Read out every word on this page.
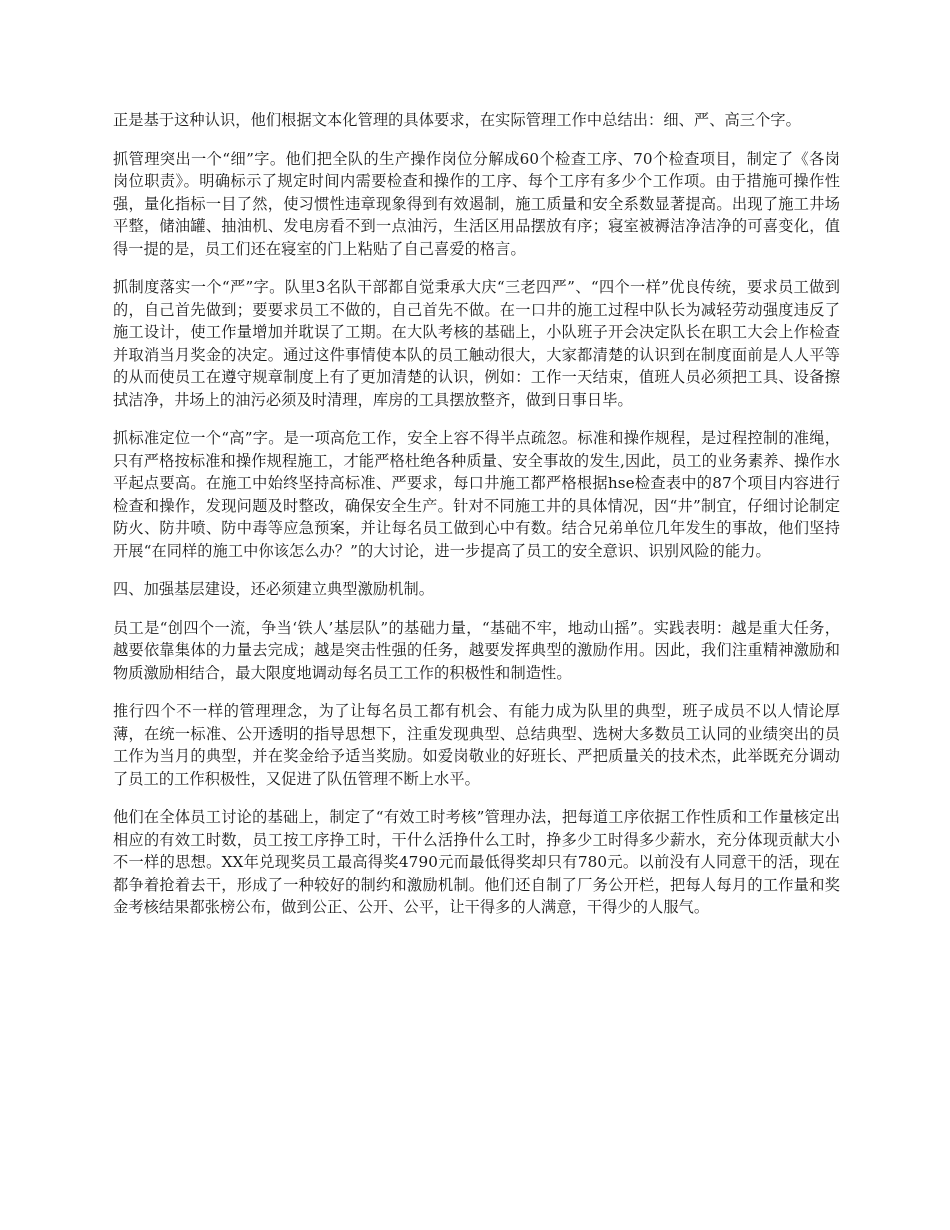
正是基于这种认识，他们根据文本化管理的具体要求，在实际管理工作中总结出：细、严、高三个字。

抓管理突出一个“细”字。他们把全队的生产操作岗位分解成60个检查工序、70个检查项目，制定了《各岗岗位职责》。明确标示了规定时间内需要检查和操作的工序、每个工序有多少个工作项。由于措施可操作性强，量化指标一目了然，使习惯性违章现象得到有效遏制，施工质量和安全系数显著提高。出现了施工井场平整，储油罐、抽油机、发电房看不到一点油污，生活区用品摆放有序；寝室被褥洁净洁净的可喜变化，值得一提的是，员工们还在寝室的门上粘贴了自己喜爱的格言。

抓制度落实一个“严”字。队里3名队干部都自觉秉承大庆“三老四严”、“四个一样”优良传统，要求员工做到的，自己首先做到；要要求员工不做的，自己首先不做。在一口井的施工过程中队长为减轻劳动强度违反了施工设计，使工作量增加并耽误了工期。在大队考核的基础上，小队班子开会决定队长在职工大会上作检查并取消当月奖金的决定。通过这件事情使本队的员工触动很大，大家都清楚的认识到在制度面前是人人平等的从而使员工在遵守规章制度上有了更加清楚的认识，例如：工作一天结束，值班人员必须把工具、设备擦拭洁净，井场上的油污必须及时清理，库房的工具摆放整齐，做到日事日毕。

抓标准定位一个“高”字。是一项高危工作，安全上容不得半点疏忽。标准和操作规程，是过程控制的准绳，只有严格按标准和操作规程施工，才能严格杜绝各种质量、安全事故的发生,因此，员工的业务素养、操作水平起点要高。在施工中始终坚持高标准、严要求，每口井施工都严格根据hse检查表中的87个项目内容进行检查和操作，发现问题及时整改，确保安全生产。针对不同施工井的具体情况，因“井”制宜，仔细讨论制定防火、防井喷、防中毒等应急预案，并让每名员工做到心中有数。结合兄弟单位几年发生的事故，他们坚持开展“在同样的施工中你该怎么办？”的大讨论，进一步提高了员工的安全意识、识别风险的能力。

四、加强基层建设，还必须建立典型激励机制。

员工是“创四个一流，争当‘铁人’基层队”的基础力量，“基础不牢，地动山摇”。实践表明：越是重大任务，越要依靠集体的力量去完成；越是突击性强的任务，越要发挥典型的激励作用。因此，我们注重精神激励和物质激励相结合，最大限度地调动每名员工工作的积极性和制造性。

推行四个不一样的管理理念，为了让每名员工都有机会、有能力成为队里的典型，班子成员不以人情论厚薄，在统一标准、公开透明的指导思想下，注重发现典型、总结典型、选树大多数员工认同的业绩突出的员工作为当月的典型，并在奖金给予适当奖励。如爱岗敬业的好班长、严把质量关的技术杰，此举既充分调动了员工的工作积极性，又促进了队伍管理不断上水平。

他们在全体员工讨论的基础上，制定了“有效工时考核”管理办法，把每道工序依据工作性质和工作量核定出相应的有效工时数，员工按工序挣工时，干什么活挣什么工时，挣多少工时得多少薪水，充分体现贡献大小不一样的思想。XX年兑现奖员工最高得奖4790元而最低得奖却只有780元。以前没有人同意干的活，现在都争着抢着去干，形成了一种较好的制约和激励机制。他们还自制了厂务公开栏，把每人每月的工作量和奖金考核结果都张榜公布，做到公正、公开、公平，让干得多的人满意，干得少的人服气。
